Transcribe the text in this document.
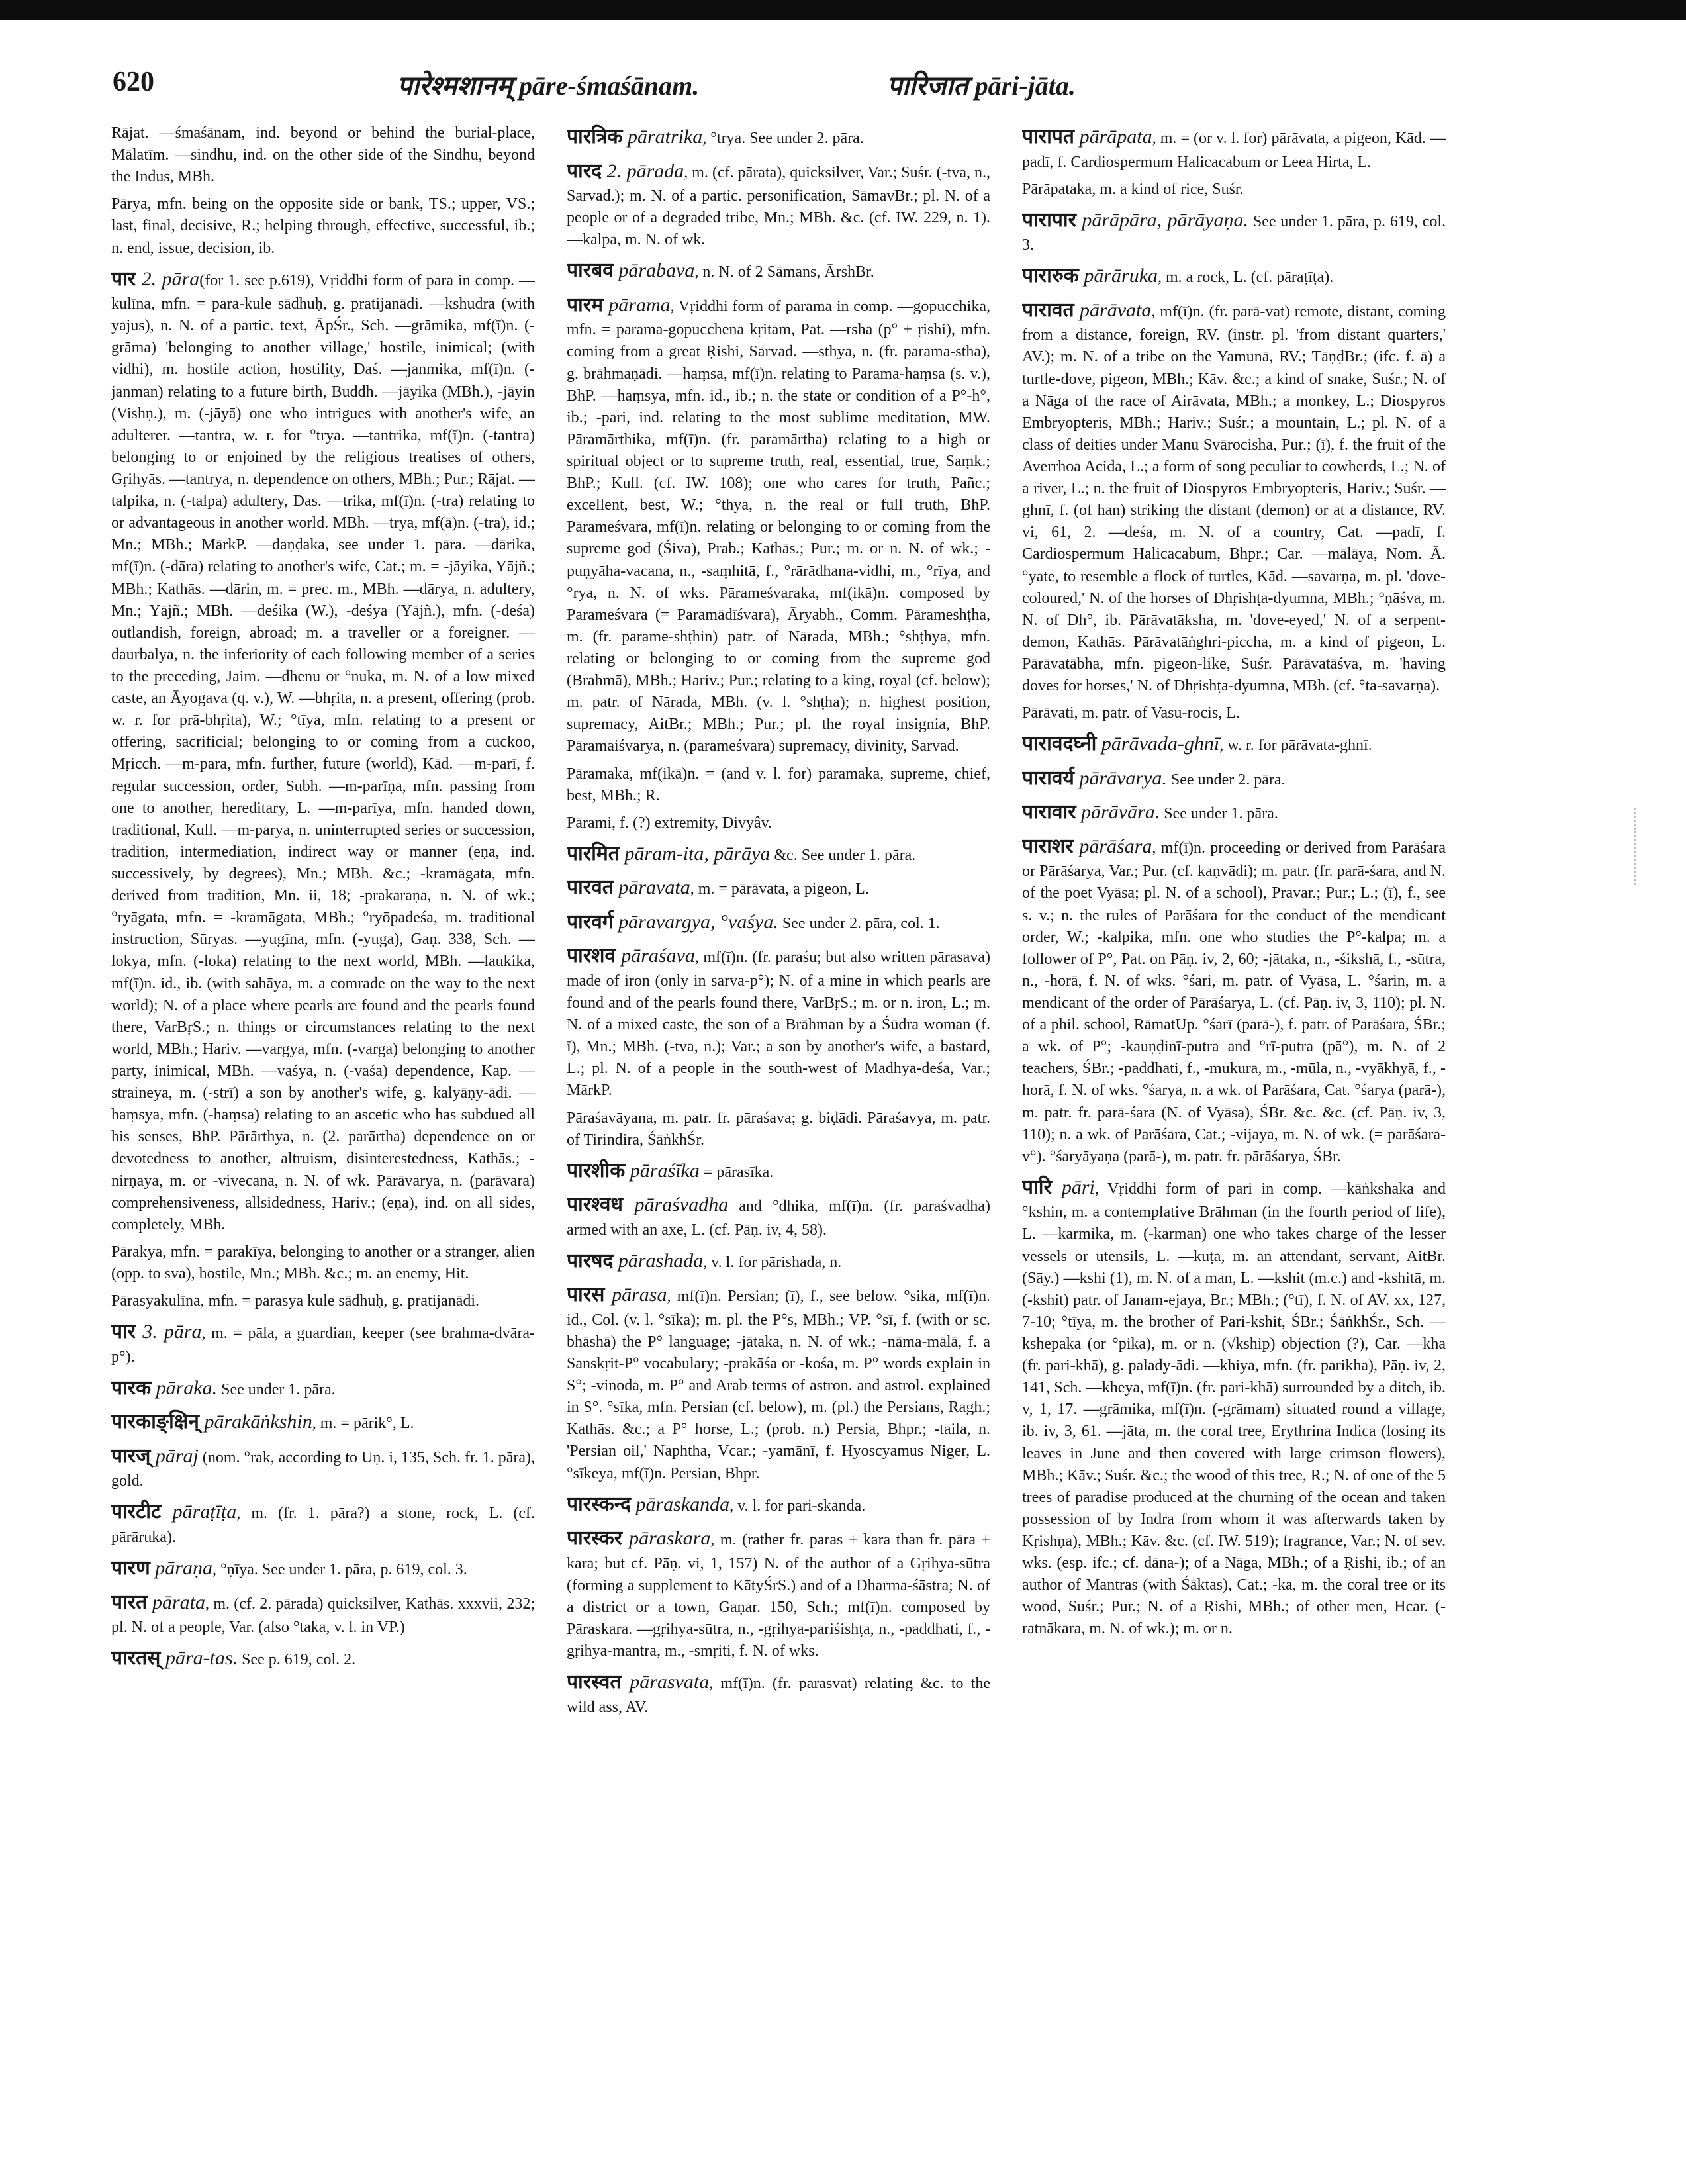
620	पारेश्मशानम् pāre-śmaśānam.	पारिजात pāri-jāta.

Rājat. —śmaśānam, ind. beyond or behind the burial-place, Mālatīm. —sindhu, ind. on the other side of the Sindhu, beyond the Indus, MBh.

Pārya, mfn. being on the opposite side or bank, TS.; upper, VS.; last, final, decisive, R.; helping through, effective, successful, ib.; n. end, issue, decision, ib.

पार 2. pāra(for 1. see p.619), Vṛiddhi form of para in comp. —kulīna, mfn. = para-kule sādhuḥ, g. pratijanādi. —kshudra (with yajus), n. N. of a partic. text, ĀpŚr., Sch. —grāmika, mf(ī)n. (-grāma) 'belonging to another village,' hostile, inimical; (with vidhi), m. hostile action, hostility, Daś. —janmika, mf(ī)n. (-janman) relating to a future birth, Buddh. —jāyika (MBh.), -jāyin (Vishṇ.), m. (-jāyā) one who intrigues with another's wife, an adulterer. —tantra, w. r. for °trya. —tantrika, mf(ī)n. (-tantra) belonging to or enjoined by the religious treatises of others, Gṛihyās. —tantrya, n. dependence on others, MBh.; Pur.; Rājat. —talpika, n. (-talpa) adultery, Das. —trika, mf(ī)n. (-tra) relating to or advantageous in another world. MBh. —trya, mf(ā)n. (-tra), id.; Mn.; MBh.; MārkP. —daṇḍaka, see under 1. pāra. —dārika, mf(ī)n. (-dāra) relating to another's wife, Cat.; m. = -jāyika, Yājñ.; MBh.; Kathās. —dārin, m. = prec. m., MBh. —dārya, n. adultery, Mn.; Yājñ.; MBh. —deśika (W.), -deśya (Yājñ.), mfn. (-deśa) outlandish, foreign, abroad; m. a traveller or a foreigner. —daurbalya, n. the inferiority of each following member of a series to the preceding, Jaim. —dhenu or °nuka, m. N. of a low mixed caste, an Āyogava (q. v.), W. —bhṛita, n. a present, offering (prob. w. r. for prā-bhṛita), W.; °tīya, mfn. relating to a present or offering, sacrificial; belonging to or coming from a cuckoo, Mṛicch. —m-para, mfn. further, future (world), Kād. —m-parī, f. regular succession, order, Subh. —m-parīṇa, mfn. passing from one to another, hereditary, L. —m-parīya, mfn. handed down, traditional, Kull. —m-parya, n. uninterrupted series or succession, tradition, intermediation, indirect way or manner (eṇa, ind. successively, by degrees), Mn.; MBh. &c.; -kramāgata, mfn. derived from tradition, Mn. ii, 18; -prakaraṇa, n. N. of wk.; °ryāgata, mfn. = -kramāgata, MBh.; °ryōpadeśa, m. traditional instruction, Sūryas. —yugīna, mfn. (-yuga), Gaṇ. 338, Sch. —lokya, mfn. (-loka) relating to the next world, MBh. —laukika, mf(ī)n. id., ib. (with sahāya, m. a comrade on the way to the next world); N. of a place where pearls are found and the pearls found there, VarBṛS.; n. things or circumstances relating to the next world, MBh.; Hariv. —vargya, mfn. (-varga) belonging to another party, inimical, MBh. —vaśya, n. (-vaśa) dependence, Kap. —straineya, m. (-strī) a son by another's wife, g. kalyāṇy-ādi. —haṃsya, mfn. (-haṃsa) relating to an ascetic who has subdued all his senses, BhP. Pārārthya, n. (2. parārtha) dependence on or devotedness to another, altruism, disinterestedness, Kathās.; -nirṇaya, m. or -vivecana, n. N. of wk. Pārāvarya, n. (parāvara) comprehensiveness, allsidedness, Hariv.; (eṇa), ind. on all sides, completely, MBh.

Pārakya, mfn. = parakīya, belonging to another or a stranger, alien (opp. to sva), hostile, Mn.; MBh. &c.; m. an enemy, Hit.

Pārasyakulīna, mfn. = parasya kule sādhuḥ, g. pratijanādi.

पार 3. pāra, m. = pāla, a guardian, keeper (see brahma-dvāra-p°).

पारक pāraka. See under 1. pāra.

पारकाङ्क्षिन् pārakāṅkshin, m. = pārik°, L.

पारज् pāraj (nom. °rak, according to Uṇ. i, 135, Sch. fr. 1. pāra), gold.

पारटीट pāraṭīṭa, m. (fr. 1. pāra?) a stone, rock, L. (cf. pārāruka).

पारण pāraṇa, °ṇīya. See under 1. pāra, p. 619, col. 3.

पारत pārata, m. (cf. 2. pārada) quicksilver, Kathās. xxxvii, 232; pl. N. of a people, Var. (also °taka, v. l. in VP.)

पारतस् pāra-tas. See p. 619, col. 2.

पारत्रिक pāratrika, °trya. See under 2. pāra.

पारद 2. pārada, m. (cf. pārata), quicksilver, Var.; Suśr. (-tva, n., Sarvad.); m. N. of a partic. personification, SāmavBr.; pl. N. of a people or of a degraded tribe, Mn.; MBh. &c. (cf. IW. 229, n. 1). —kalpa, m. N. of wk.

पारबव pārabava, n. N. of 2 Sāmans, ĀrshBr.

पारम pārama, Vṛiddhi form of parama in comp. —gopucchika, mfn. = parama-gopucchena kṛitam, Pat. —rsha (p° + ṛishi), mfn. coming from a great Ṛishi, Sarvad. —sthya, n. (fr. parama-stha), g. brāhmaṇādi. —haṃsa, mf(ī)n. relating to Parama-haṃsa (s. v.), BhP. —haṃsya, mfn. id., ib.; n. the state or condition of a P°-h°, ib.; -pari, ind. relating to the most sublime meditation, MW. Pāramārthika, mf(ī)n. (fr. paramārtha) relating to a high or spiritual object or to supreme truth, real, essential, true, Saṃk.; BhP.; Kull. (cf. IW. 108); one who cares for truth, Pañc.; excellent, best, W.; °thya, n. the real or full truth, BhP. Pārameśvara, mf(ī)n. relating or belonging to or coming from the supreme god (Śiva), Prab.; Kathās.; Pur.; m. or n. N. of wk.; -puṇyāha-vacana, n., -saṃhitā, f., °rārādhana-vidhi, m., °rīya, and °rya, n. N. of wks. Pārameśvaraka, mf(ikā)n. composed by Parameśvara (= Paramādīśvara), Āryabh., Comm. Pārameshṭha, m. (fr. parame-shṭhin) patr. of Nārada, MBh.; °shṭhya, mfn. relating or belonging to or coming from the supreme god (Brahmā), MBh.; Hariv.; Pur.; relating to a king, royal (cf. below); m. patr. of Nārada, MBh. (v. l. °shṭha); n. highest position, supremacy, AitBr.; MBh.; Pur.; pl. the royal insignia, BhP. Pāramaiśvarya, n. (parameśvara) supremacy, divinity, Sarvad.

Pāramaka, mf(ikā)n. = (and v. l. for) paramaka, supreme, chief, best, MBh.; R.

Pārami, f. (?) extremity, Divyâv.

पारमित pāram-ita, pārāya &c. See under 1. pāra.

पारवत pāravata, m. = pārāvata, a pigeon, L.

पारवर्ग pāravargya, °vaśya. See under 2. pāra, col. 1.

पारशव pāraśava, mf(ī)n. (fr. paraśu; but also written pārasava) made of iron (only in sarva-p°); N. of a mine in which pearls are found and of the pearls found there, VarBṛS.; m. or n. iron, L.; m. N. of a mixed caste, the son of a Brāhman by a Śūdra woman (f. ī), Mn.; MBh. (-tva, n.); Var.; a son by another's wife, a bastard, L.; pl. N. of a people in the south-west of Madhya-deśa, Var.; MārkP.

Pāraśavāyana, m. patr. fr. pāraśava; g. biḍādi. Pāraśavya, m. patr. of Tirindira, ŚāṅkhŚr.

पारशीक pāraśīka = pārasīka.

पारश्वध pāraśvadha and °dhika, mf(ī)n. (fr. paraśvadha) armed with an axe, L. (cf. Pāṇ. iv, 4, 58).

पारषद pārashada, v. l. for pārishada, n.

पारस pārasa, mf(ī)n. Persian; (ī), f., see below. °sika, mf(ī)n. id., Col. (v. l. °sīka); m. pl. the P°s, MBh.; VP. °sī, f. (with or sc. bhāshā) the P° language; -jātaka, n. N. of wk.; -nāma-mālā, f. a Sanskṛit-P° vocabulary; -prakāśa or -kośa, m. P° words explain in S°; -vinoda, m. P° and Arab terms of astron. and astrol. explained in S°. °sīka, mfn. Persian (cf. below), m. (pl.) the Persians, Ragh.; Kathās. &c.; a P° horse, L.; (prob. n.) Persia, Bhpr.; -taila, n. 'Persian oil,' Naphtha, Vcar.; -yamānī, f. Hyoscyamus Niger, L. °sīkeya, mf(ī)n. Persian, Bhpr.

पारस्कन्द pāraskanda, v. l. for pari-skanda.

पारस्कर pāraskara, m. (rather fr. paras + kara than fr. pāra + kara; but cf. Pāṇ. vi, 1, 157) N. of the author of a Gṛihya-sūtra (forming a supplement to KātyŚrS.) and of a Dharma-śāstra; N. of a district or a town, Gaṇar. 150, Sch.; mf(ī)n. composed by Pāraskara. —gṛihya-sūtra, n., -gṛihya-pariśishṭa, n., -paddhati, f., -gṛihya-mantra, m., -smṛiti, f. N. of wks.

पारस्वत pārasvata, mf(ī)n. (fr. parasvat) relating &c. to the wild ass, AV.

पारापत pārāpata, m. = (or v. l. for) pārāvata, a pigeon, Kād. —padī, f. Cardiospermum Halicacabum or Leea Hirta, L.

Pārāpataka, m. a kind of rice, Suśr.

पारापार pārāpāra, pārāyaṇa. See under 1. pāra, p. 619, col. 3.

पारारुक pārāruka, m. a rock, L. (cf. pāraṭīṭa).

पारावत pārāvata, mf(ī)n. (fr. parā-vat) remote, distant, coming from a distance, foreign, RV. (instr. pl. 'from distant quarters,' AV.); m. N. of a tribe on the Yamunā, RV.; TāṇḍBr.; (ifc. f. ā) a turtle-dove, pigeon, MBh.; Kāv. &c.; a kind of snake, Suśr.; N. of a Nāga of the race of Airāvata, MBh.; a monkey, L.; Diospyros Embryopteris, MBh.; Hariv.; Suśr.; a mountain, L.; pl. N. of a class of deities under Manu Svārocisha, Pur.; (ī), f. the fruit of the Averrhoa Acida, L.; a form of song peculiar to cowherds, L.; N. of a river, L.; n. the fruit of Diospyros Embryopteris, Hariv.; Suśr. —ghnī, f. (of han) striking the distant (demon) or at a distance, RV. vi, 61, 2. —deśa, m. N. of a country, Cat. —padī, f. Cardiospermum Halicacabum, Bhpr.; Car. —mālāya, Nom. Ā. °yate, to resemble a flock of turtles, Kād. —savarṇa, m. pl. 'dove-coloured,' N. of the horses of Dhṛishṭa-dyumna, MBh.; °ṇāśva, m. N. of Dh°, ib. Pārāvatāksha, m. 'dove-eyed,' N. of a serpent-demon, Kathās. Pārāvatāṅghri-piccha, m. a kind of pigeon, L. Pārāvatābha, mfn. pigeon-like, Suśr. Pārāvatāśva, m. 'having doves for horses,' N. of Dhṛishṭa-dyumna, MBh. (cf. °ta-savarṇa).

Pārāvati, m. patr. of Vasu-rocis, L.

पारावदघ्नी pārāvada-ghnī, w. r. for pārāvata-ghnī.

पारावर्य pārāvarya. See under 2. pāra.

पारावार pārāvāra. See under 1. pāra.

पाराशर pārāśara, mf(ī)n. proceeding or derived from Parāśara or Pārāśarya, Var.; Pur. (cf. kaṇvādi); m. patr. (fr. parā-śara, and N. of the poet Vyāsa; pl. N. of a school), Pravar.; Pur.; L.; (ī), f., see s. v.; n. the rules of Parāśara for the conduct of the mendicant order, W.; -kalpika, mfn. one who studies the P°-kalpa; m. a follower of P°, Pat. on Pāṇ. iv, 2, 60; -jātaka, n., -śikshā, f., -sūtra, n., -horā, f. N. of wks. °śari, m. patr. of Vyāsa, L. °śarin, m. a mendicant of the order of Pārāśarya, L. (cf. Pāṇ. iv, 3, 110); pl. N. of a phil. school, RāmatUp. °śarī (parā-), f. patr. of Parāśara, ŚBr.; a wk. of P°; -kauṇḍinī-putra and °rī-putra (pā°), m. N. of 2 teachers, ŚBr.; -paddhati, f., -mukura, m., -mūla, n., -vyākhyā, f., -horā, f. N. of wks. °śarya, n. a wk. of Parāśara, Cat. °śarya (parā-), m. patr. fr. parā-śara (N. of Vyāsa), ŚBr. &c. &c. (cf. Pāṇ. iv, 3, 110); n. a wk. of Parāśara, Cat.; -vijaya, m. N. of wk. (= parāśara-v°). °śaryāyaṇa (parā-), m. patr. fr. pārāśarya, ŚBr.

पारि pāri, Vṛiddhi form of pari in comp. —kāṅkshaka and °kshin, m. a contemplative Brāhman (in the fourth period of life), L. —karmika, m. (-karman) one who takes charge of the lesser vessels or utensils, L. —kuṭa, m. an attendant, servant, AitBr. (Sāy.) —kshi (1), m. N. of a man, L. —kshit (m.c.) and -kshitā, m. (-kshit) patr. of Janam-ejaya, Br.; MBh.; (°tī), f. N. of AV. xx, 127, 7-10; °tīya, m. the brother of Pari-kshit, ŚBr.; ŚāṅkhŚr., Sch. —kshepaka (or °pika), m. or n. (√kship) objection (?), Car. —kha (fr. pari-khā), g. palady-ādi. —khiya, mfn. (fr. parikha), Pāṇ. iv, 2, 141, Sch. —kheya, mf(ī)n. (fr. pari-khā) surrounded by a ditch, ib. v, 1, 17. —grāmika, mf(ī)n. (-grāmam) situated round a village, ib. iv, 3, 61. —jāta, m. the coral tree, Erythrina Indica (losing its leaves in June and then covered with large crimson flowers), MBh.; Kāv.; Suśr. &c.; the wood of this tree, R.; N. of one of the 5 trees of paradise produced at the churning of the ocean and taken possession of by Indra from whom it was afterwards taken by Kṛishṇa), MBh.; Kāv. &c. (cf. IW. 519); fragrance, Var.; N. of sev. wks. (esp. ifc.; cf. dāna-); of a Nāga, MBh.; of a Ṛishi, ib.; of an author of Mantras (with Śāktas), Cat.; -ka, m. the coral tree or its wood, Suśr.; Pur.; N. of a Ṛishi, MBh.; of other men, Hcar. (-ratnākara, m. N. of wk.); m. or n.
